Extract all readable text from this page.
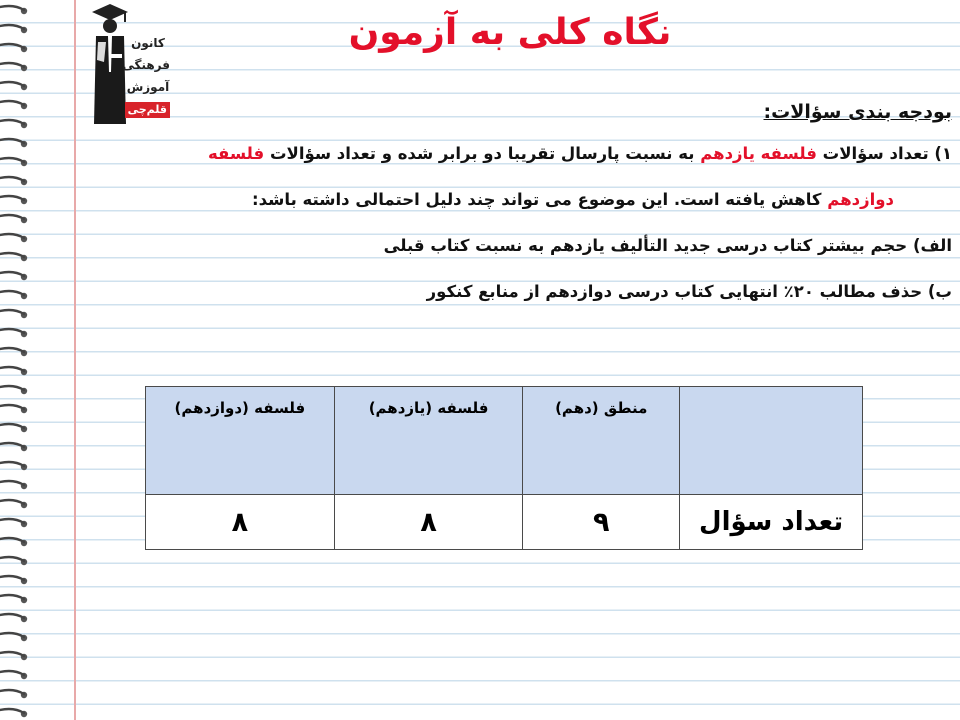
کانون
فرهنگی
آموزش
قلم‌چی
نگاه کلی به آزمون
بودجه بندی سؤالات:
۱) تعداد سؤالات فلسفه یازدهم به نسبت پارسال تقریبا دو برابر شده و تعداد سؤالات فلسفه
دوازدهم کاهش یافته است. این موضوع می تواند چند دلیل احتمالی داشته باشد:
الف) حجم بیشتر کتاب درسی جدید التألیف یازدهم به نسبت کتاب قبلی
ب) حذف مطالب ۲۰٪ انتهایی کتاب درسی دوازدهم از منابع کنکور
	منطق (دهم)	فلسفه (یازدهم)	فلسفه (دوازدهم)
تعداد سؤال	۹	۸	۸
